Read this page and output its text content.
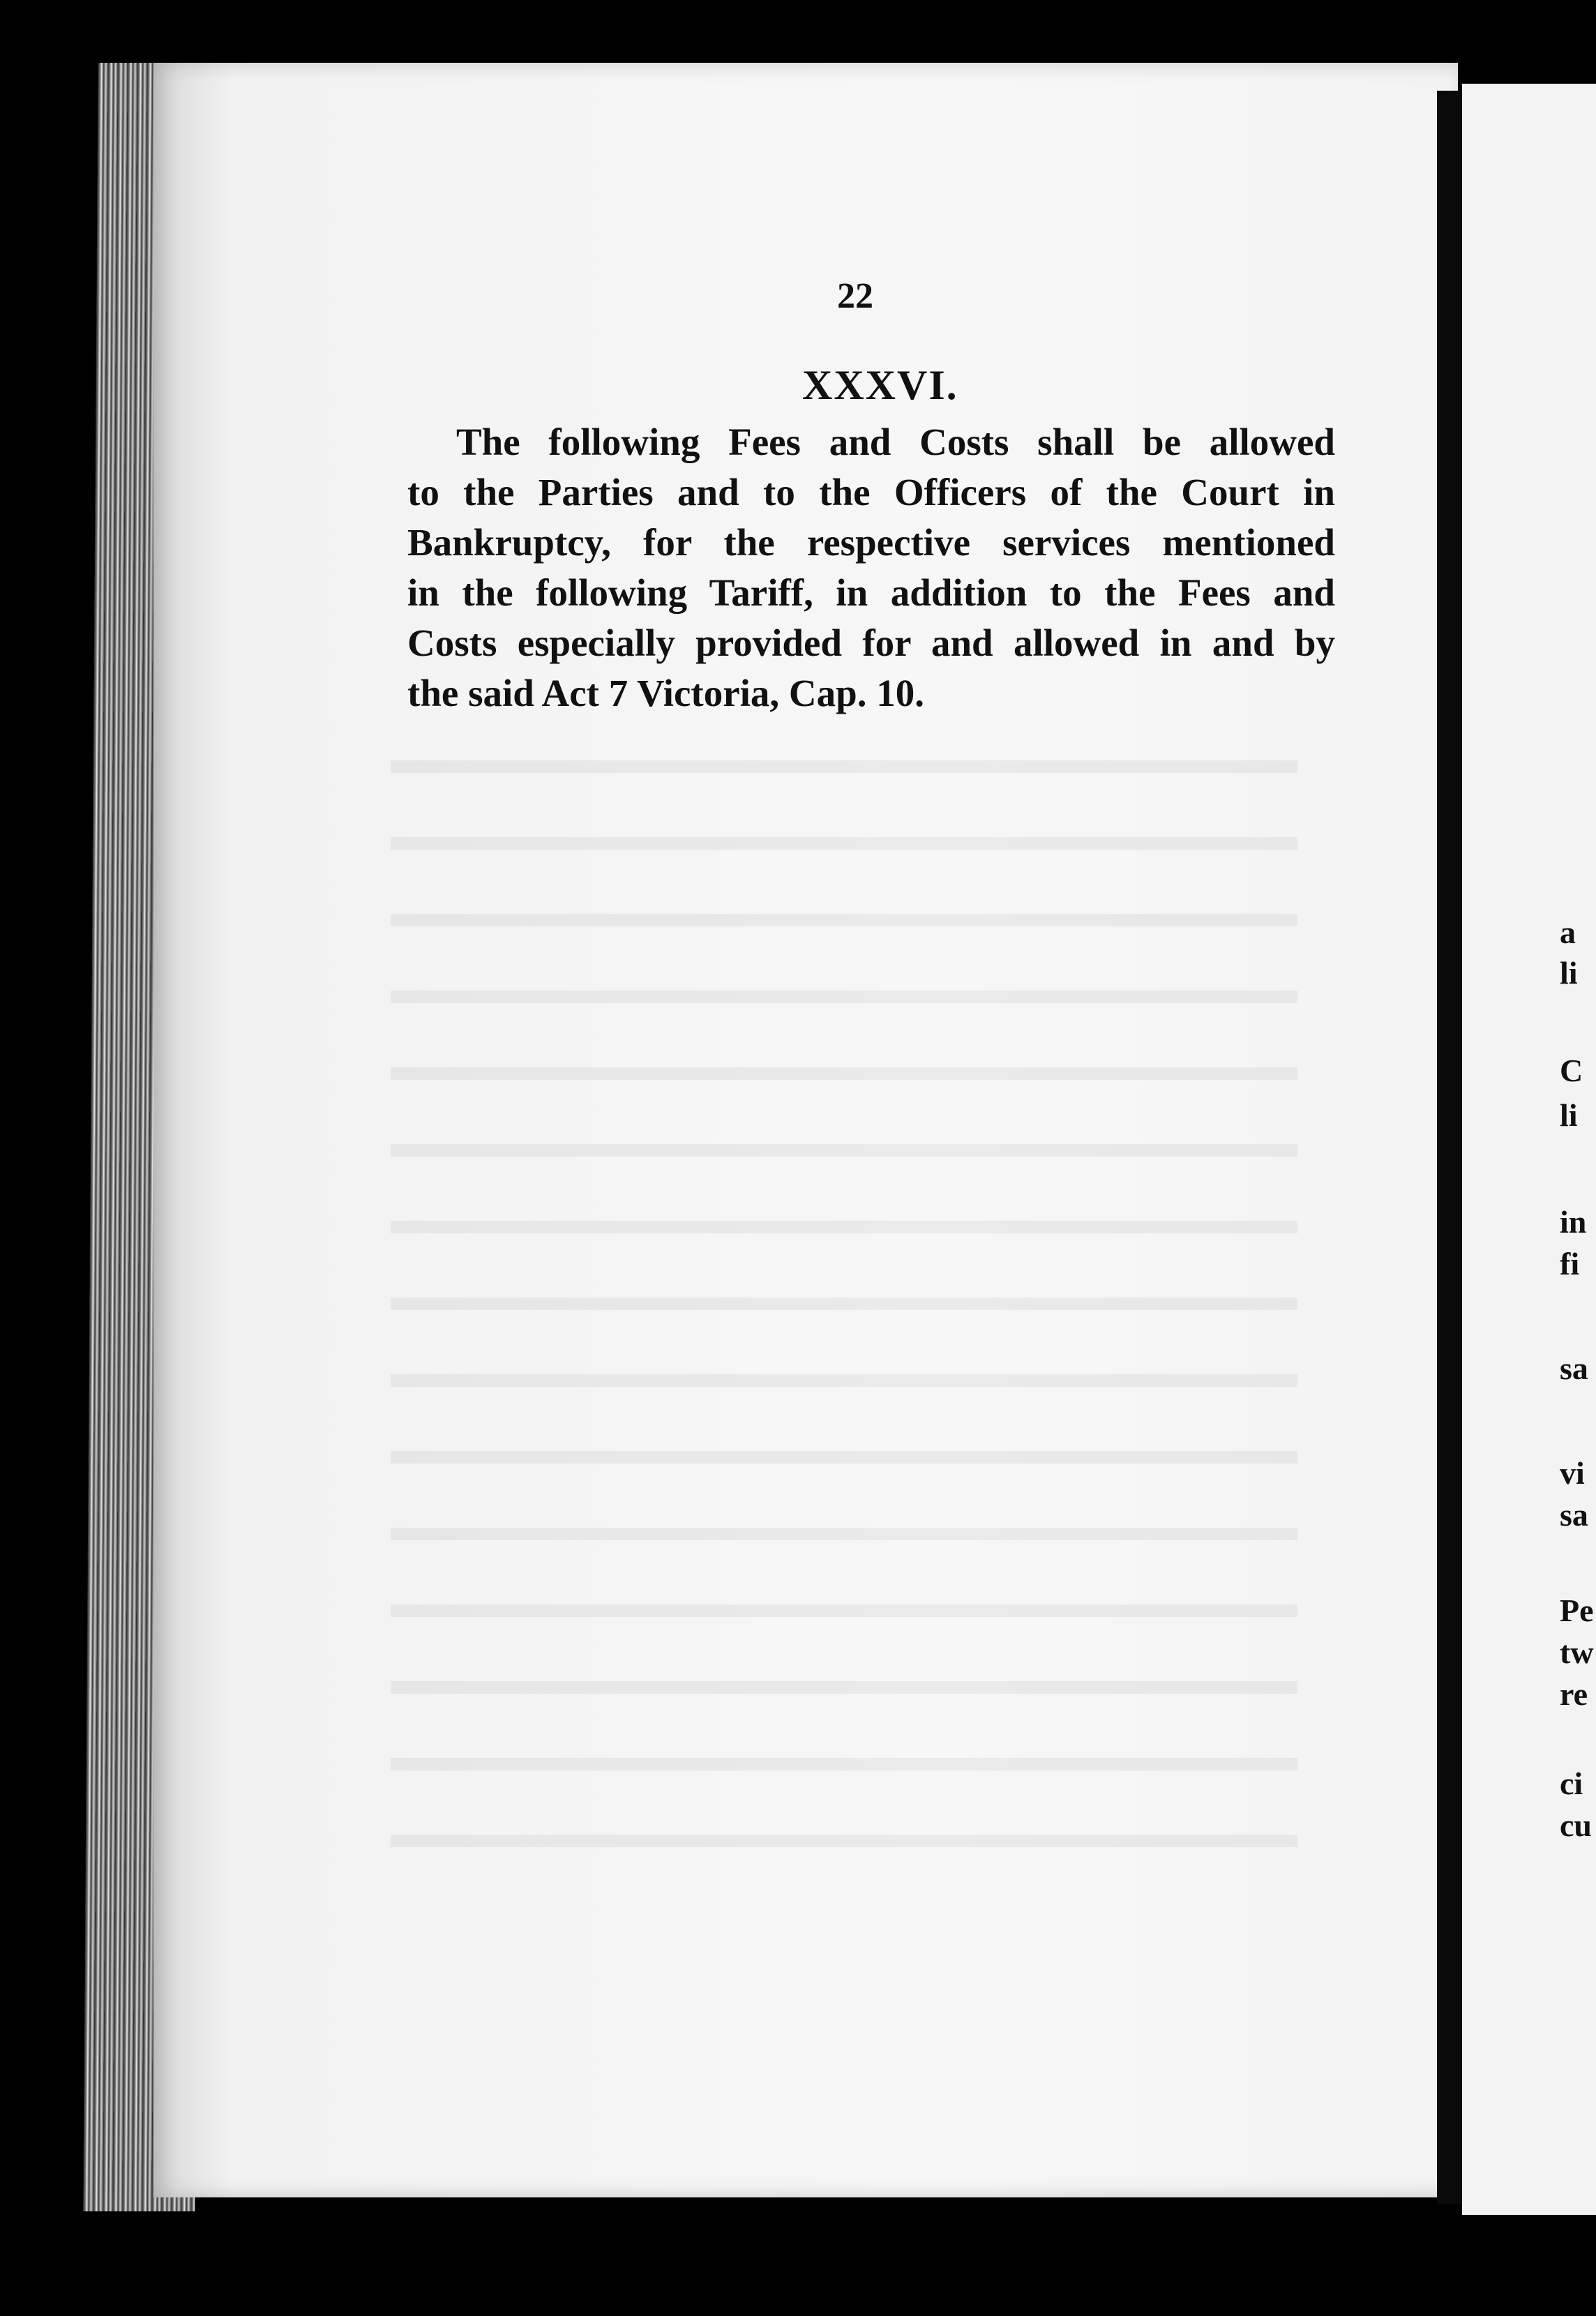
22
XXXVI.

The following Fees and Costs shall be allowed
to the Parties and to the Officers of the Court in
Bankruptcy, for the respective services mentioned
in the following Tariff, in addition to the Fees and
Costs especially provided for and allowed in and by
the said Act 7 Victoria, Cap. 10.

a
li
C
li
in
fi
sa
vi
sa
Pe
tw
re
ci
cu
